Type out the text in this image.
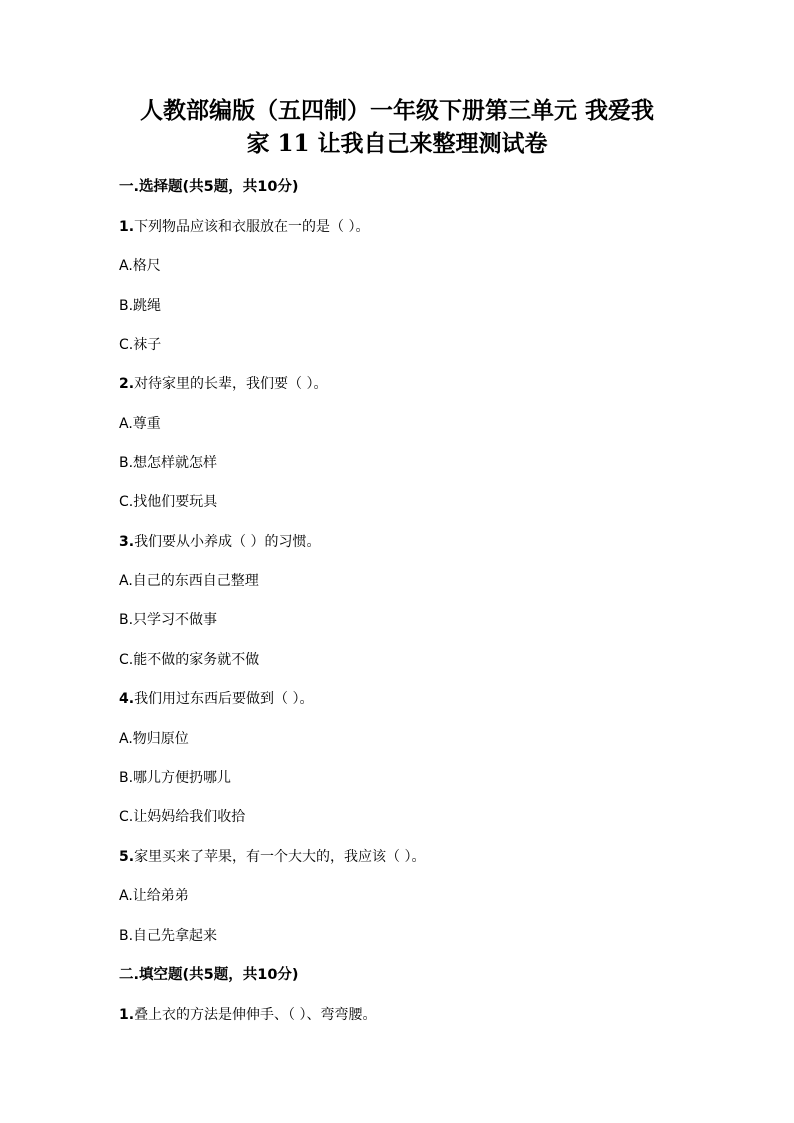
人教部编版（五四制）一年级下册第三单元 我爱我
家 11 让我自己来整理测试卷
一.选择题(共5题，共10分)
1.下列物品应该和衣服放在一的是（ ）。
A.格尺
B.跳绳
C.袜子
2.对待家里的长辈，我们要（ ）。
A.尊重
B.想怎样就怎样
C.找他们要玩具
3.我们要从小养成（ ）的习惯。
A.自己的东西自己整理
B.只学习不做事
C.能不做的家务就不做
4.我们用过东西后要做到（ ）。
A.物归原位
B.哪儿方便扔哪儿
C.让妈妈给我们收拾
5.家里买来了苹果，有一个大大的，我应该（ ）。
A.让给弟弟
B.自己先拿起来
二.填空题(共5题，共10分)
1.叠上衣的方法是伸伸手、（ ）、弯弯腰。
